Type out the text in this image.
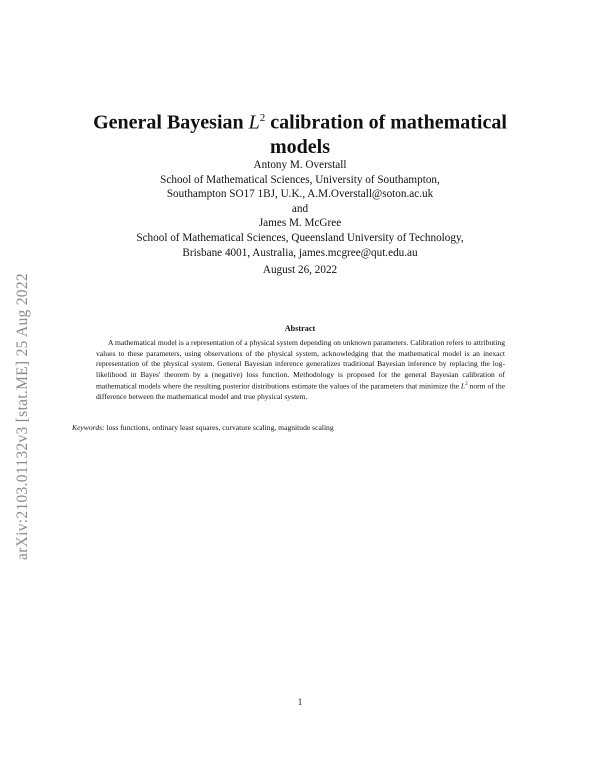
arXiv:2103.01132v3 [stat.ME] 25 Aug 2022
General Bayesian $L^2$ calibration of mathematical models
Antony M. Overstall
School of Mathematical Sciences, University of Southampton,
Southampton SO17 1BJ, U.K., A.M.Overstall@soton.ac.uk
and
James M. McGree
School of Mathematical Sciences, Queensland University of Technology,
Brisbane 4001, Australia, james.mcgree@qut.edu.au
August 26, 2022
Abstract
A mathematical model is a representation of a physical system depending on unknown parameters. Calibration refers to attributing values to these parameters, using observations of the physical system, acknowledging that the mathematical model is an inexact representation of the physical system. General Bayesian inference generalizes traditional Bayesian inference by replacing the log-likelihood in Bayes' theorem by a (negative) loss function. Methodology is proposed for the general Bayesian calibration of mathematical models where the resulting posterior distributions estimate the values of the parameters that minimize the $L^2$ norm of the difference between the mathematical model and true physical system.
Keywords: loss functions, ordinary least squares, curvature scaling, magnitude scaling
1
